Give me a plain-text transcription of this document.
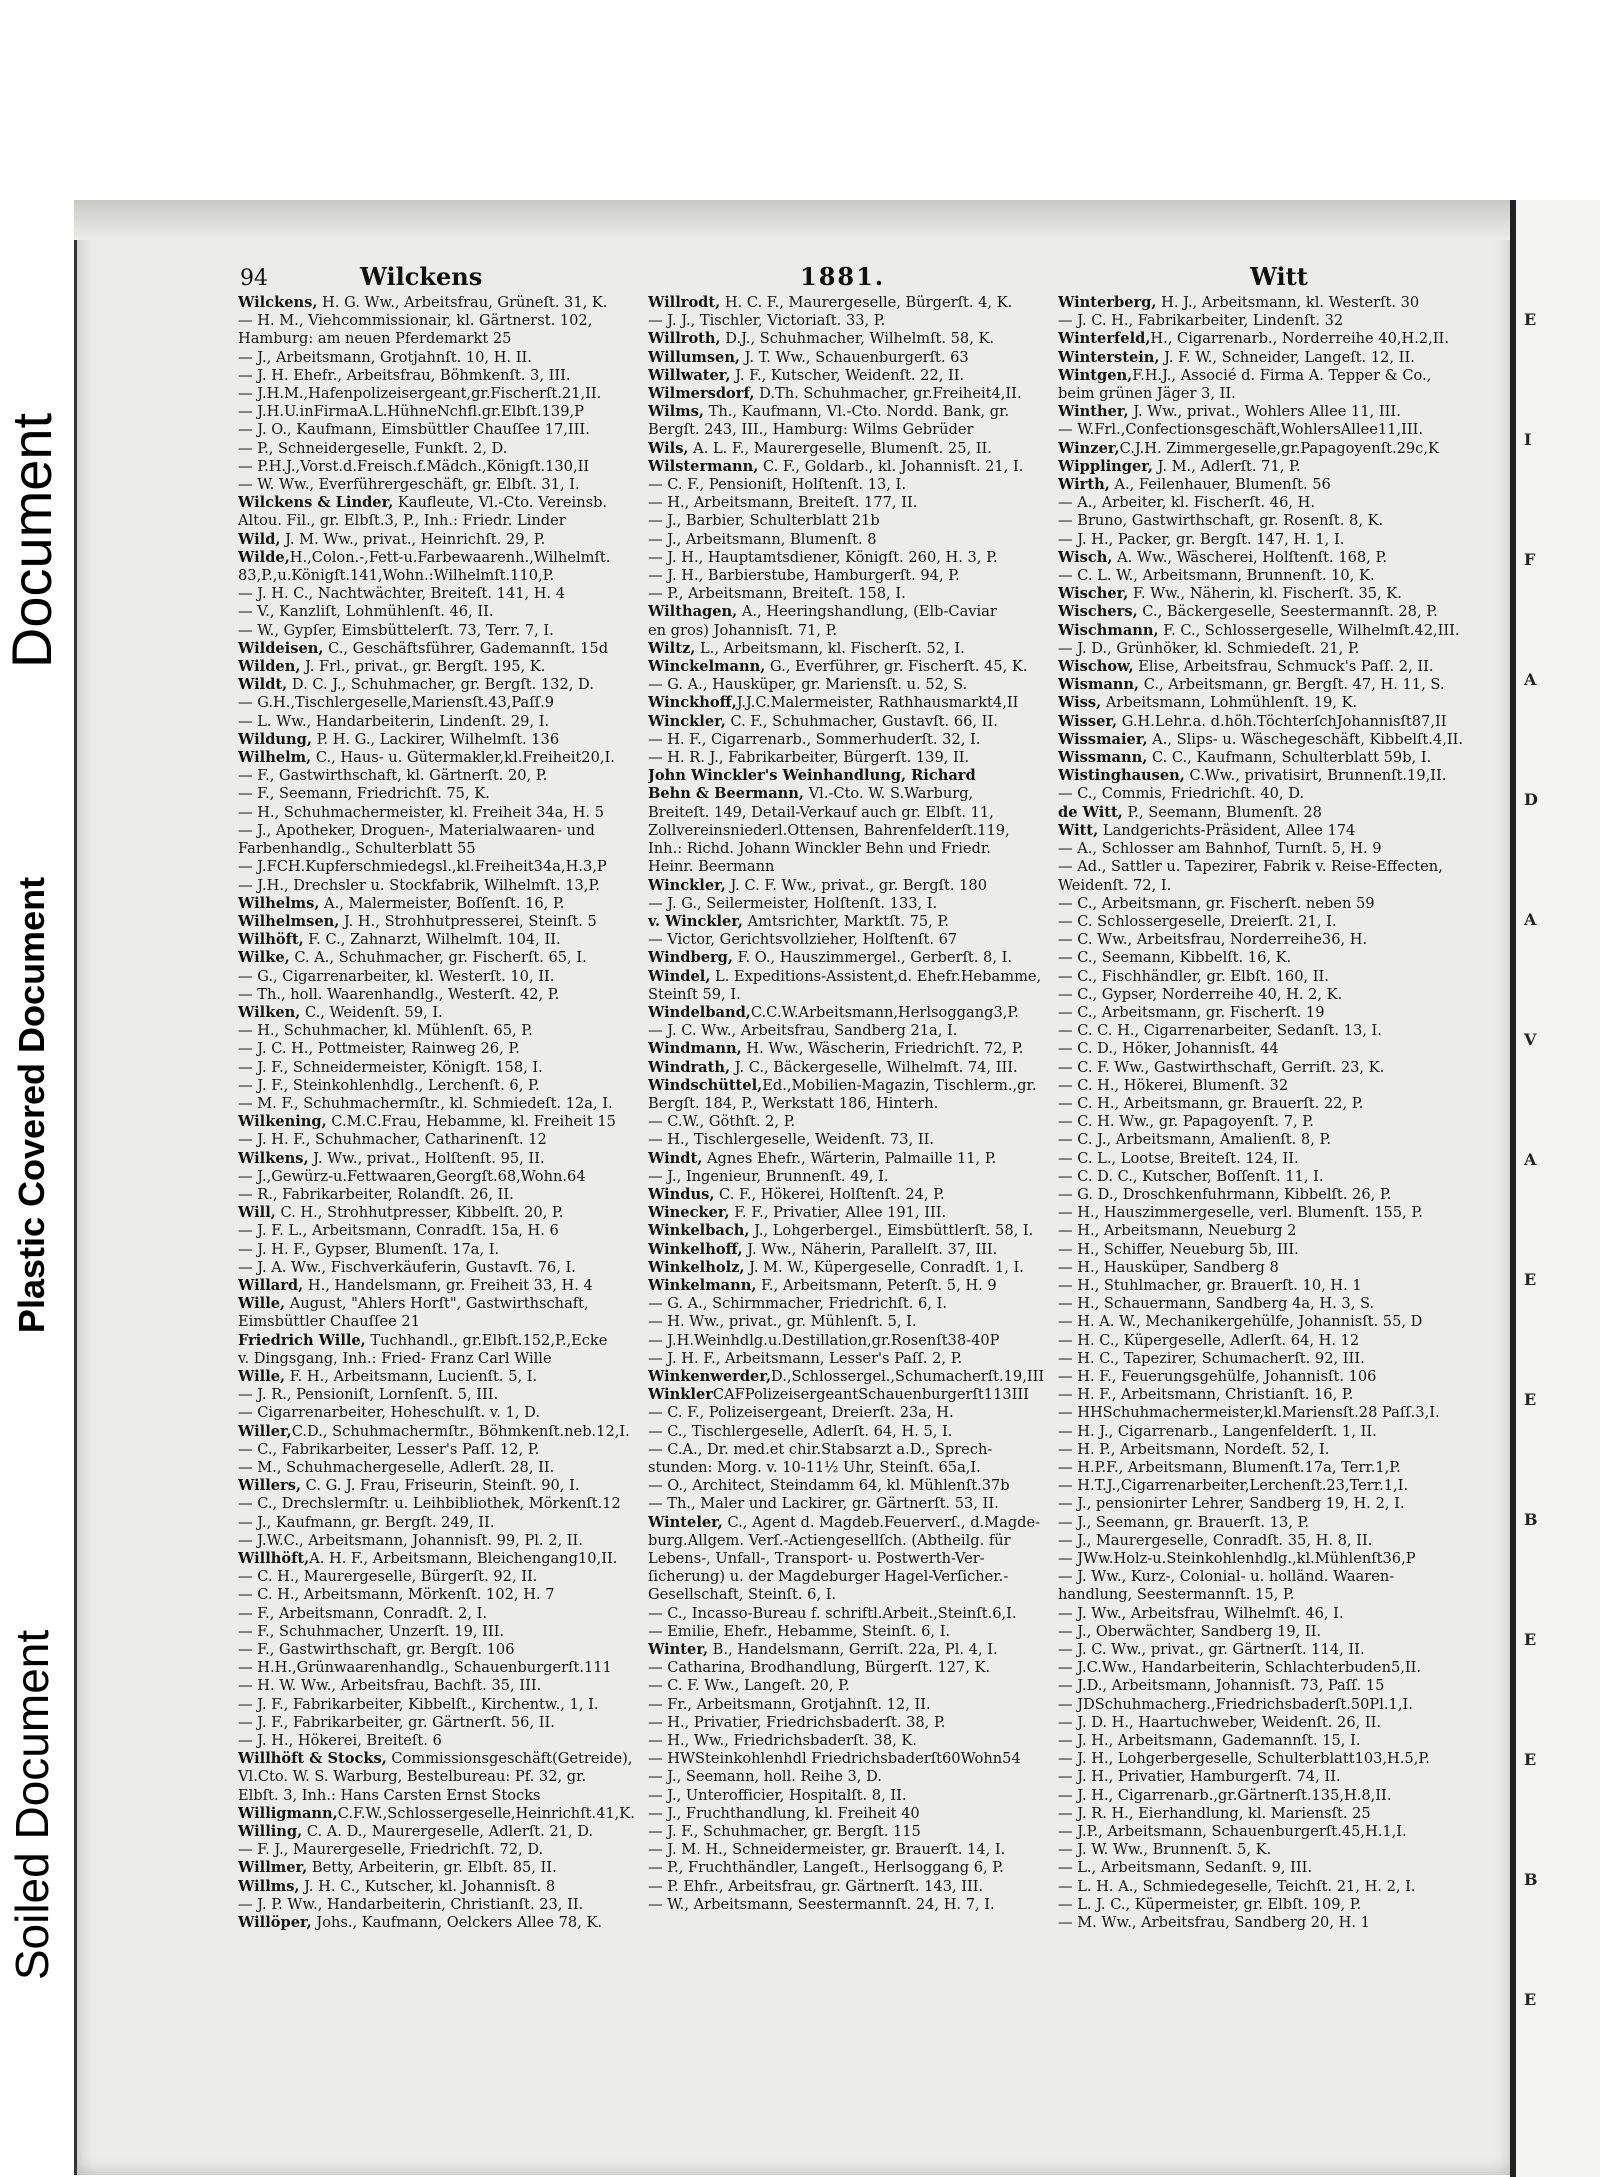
Document
Plastic Covered Document
Soiled Document
E
I
F
A
D
A
V
A
E
E
B
E
E
B
E
94	Wilckens	1881.	Witt
Wilckens, H. G. Ww., Arbeitsfrau, Grüneſt. 31, K.
— H. M., Viehcommissionair, kl. Gärtnerst. 102,
Hamburg: am neuen Pferdemarkt 25
— J., Arbeitsmann, Grotjahnſt. 10, H. II.
— J. H. Ehefr., Arbeitsfrau, Böhmkenſt. 3, III.
— J.H.M.,Hafenpolizeisergeant,gr.Fischerſt.21,II.
— J.H.U.inFirmaA.L.HühneNchfl.gr.Elbſt.139,P
— J. O., Kaufmann, Eimsbüttler Chauſſee 17,III.
— P., Schneidergeselle, Funkſt. 2, D.
— P.H.J.,Vorst.d.Freisch.f.Mädch.,Königſt.130,II
— W. Ww., Everführergeschäft, gr. Elbſt. 31, I.
Wilckens & Linder, Kaufleute, Vl.-Cto. Vereinsb.
Altou. Fil., gr. Elbſt.3, P., Inh.: Friedr. Linder
Wild, J. M. Ww., privat., Heinrichſt. 29, P.
Wilde,H.,Colon.-,Fett-u.Farbewaarenh.,Wilhelmſt.
83,P.,u.Königſt.141,Wohn.:Wilhelmſt.110,P.
— J. H. C., Nachtwächter, Breiteſt. 141, H. 4
— V., Kanzliſt, Lohmühlenſt. 46, II.
— W., Gypſer, Eimsbüttelerſt. 73, Terr. 7, I.
Wildeisen, C., Geschäftsführer, Gademannſt. 15d
Wilden, J. Frl., privat., gr. Bergſt. 195, K.
Wildt, D. C. J., Schuhmacher, gr. Bergſt. 132, D.
— G.H.,Tischlergeselle,Mariensſt.43,Paſſ.9
— L. Ww., Handarbeiterin, Lindenſt. 29, I.
Wildung, P. H. G., Lackirer, Wilhelmſt. 136
Wilhelm, C., Haus- u. Gütermakler,kl.Freiheit20,I.
— F., Gastwirthschaft, kl. Gärtnerſt. 20, P.
— F., Seemann, Friedrichſt. 75, K.
— H., Schuhmachermeister, kl. Freiheit 34a, H. 5
— J., Apotheker, Droguen-, Materialwaaren- und
Farbenhandlg., Schulterblatt 55
— J.FCH.Kupferschmiedegsl.,kl.Freiheit34a,H.3,P
— J.H., Drechsler u. Stockfabrik, Wilhelmſt. 13,P.
Wilhelms, A., Malermeister, Boſſenſt. 16, P.
Wilhelmsen, J. H., Strohhutpresserei, Steinſt. 5
Wilhöft, F. C., Zahnarzt, Wilhelmſt. 104, II.
Wilke, C. A., Schuhmacher, gr. Fischerſt. 65, I.
— G., Cigarrenarbeiter, kl. Westerſt. 10, II.
— Th., holl. Waarenhandlg., Westerſt. 42, P.
Wilken, C., Weidenſt. 59, I.
— H., Schuhmacher, kl. Mühlenſt. 65, P.
— J. C. H., Pottmeister, Rainweg 26, P.
— J. F., Schneidermeister, Königſt. 158, I.
— J. F., Steinkohlenhdlg., Lerchenſt. 6, P.
— M. F., Schuhmachermſtr., kl. Schmiedeſt. 12a, I.
Wilkening, C.M.C.Frau, Hebamme, kl. Freiheit 15
— J. H. F., Schuhmacher, Catharinenſt. 12
Wilkens, J. Ww., privat., Holſtenſt. 95, II.
— J.,Gewürz-u.Fettwaaren,Georgſt.68,Wohn.64
— R., Fabrikarbeiter, Rolandſt. 26, II.
Will, C. H., Strohhutpresser, Kibbelſt. 20, P.
— J. F. L., Arbeitsmann, Conradſt. 15a, H. 6
— J. H. F., Gypser, Blumenſt. 17a, I.
— J. A. Ww., Fischverkäuferin, Gustavſt. 76, I.
Willard, H., Handelsmann, gr. Freiheit 33, H. 4
Wille, August, "Ahlers Horſt", Gastwirthschaft,
Eimsbüttler Chauſſee 21
Friedrich Wille, Tuchhandl., gr.Elbſt.152,P.,Ecke
v. Dingsgang, Inh.: Fried- Franz Carl Wille
Wille, F. H., Arbeitsmann, Lucienſt. 5, I.
— J. R., Pensioniſt, Lornſenſt. 5, III.
— Cigarrenarbeiter, Hoheschulſt. v. 1, D.
Willer,C.D., Schuhmachermſtr., Böhmkenſt.neb.12,I.
— C., Fabrikarbeiter, Lesser's Paſſ. 12, P.
— M., Schuhmachergeselle, Adlerſt. 28, II.
Willers, C. G. J. Frau, Friseurin, Steinſt. 90, I.
— C., Drechslermſtr. u. Leihbibliothek, Mörkenſt.12
— J., Kaufmann, gr. Bergſt. 249, II.
— J.W.C., Arbeitsmann, Johannisſt. 99, Pl. 2, II.
Willhöft,A. H. F., Arbeitsmann, Bleichengang10,II.
— C. H., Maurergeselle, Bürgerſt. 92, II.
— C. H., Arbeitsmann, Mörkenſt. 102, H. 7
— F., Arbeitsmann, Conradſt. 2, I.
— F., Schuhmacher, Unzerſt. 19, III.
— F., Gastwirthschaft, gr. Bergſt. 106
— H.H.,Grünwaarenhandlg., Schauenburgerſt.111
— H. W. Ww., Arbeitsfrau, Bachſt. 35, III.
— J. F., Fabrikarbeiter, Kibbelſt., Kirchentw., 1, I.
— J. F., Fabrikarbeiter, gr. Gärtnerſt. 56, II.
— J. H., Hökerei, Breiteſt. 6
Willhöft & Stocks, Commissionsgeschäft(Getreide),
Vl.Cto. W. S. Warburg, Bestelbureau: Pf. 32, gr.
Elbſt. 3, Inh.: Hans Carsten Ernst Stocks
Willigmann,C.F.W.,Schlossergeselle,Heinrichſt.41,K.
Willing, C. A. D., Maurergeselle, Adlerſt. 21, D.
— F. J., Maurergeselle, Friedrichſt. 72, D.
Willmer, Betty, Arbeiterin, gr. Elbſt. 85, II.
Willms, J. H. C., Kutscher, kl. Johannisſt. 8
— J. P. Ww., Handarbeiterin, Christianſt. 23, II.
Willöper, Johs., Kaufmann, Oelckers Allee 78, K.
Willrodt, H. C. F., Maurergeselle, Bürgerſt. 4, K.
— J. J., Tischler, Victoriaſt. 33, P.
Willroth, D.J., Schuhmacher, Wilhelmſt. 58, K.
Willumsen, J. T. Ww., Schauenburgerſt. 63
Willwater, J. F., Kutscher, Weidenſt. 22, II.
Wilmersdorf, D.Th. Schuhmacher, gr.Freiheit4,II.
Wilms, Th., Kaufmann, Vl.-Cto. Nordd. Bank, gr.
Bergſt. 243, III., Hamburg: Wilms Gebrüder
Wils, A. L. F., Maurergeselle, Blumenſt. 25, II.
Wilstermann, C. F., Goldarb., kl. Johannisſt. 21, I.
— C. F., Pensioniſt, Holſtenſt. 13, I.
— H., Arbeitsmann, Breiteſt. 177, II.
— J., Barbier, Schulterblatt 21b
— J., Arbeitsmann, Blumenſt. 8
— J. H., Hauptamtsdiener, Königſt. 260, H. 3, P.
— J. H., Barbierstube, Hamburgerſt. 94, P.
— P., Arbeitsmann, Breiteſt. 158, I.
Wilthagen, A., Heeringshandlung, (Elb-Caviar
en gros) Johannisſt. 71, P.
Wiltz, L., Arbeitsmann, kl. Fischerſt. 52, I.
Winckelmann, G., Everführer, gr. Fischerſt. 45, K.
— G. A., Hausküper, gr. Mariensſt. u. 52, S.
Winckhoff,J.J.C.Malermeister, Rathhausmarkt4,II
Winckler, C. F., Schuhmacher, Gustavſt. 66, II.
— H. F., Cigarrenarb., Sommerhuderſt. 32, I.
— H. R. J., Fabrikarbeiter, Bürgerſt. 139, II.
John Winckler's Weinhandlung, Richard
Behn & Beermann, Vl.-Cto. W. S.Warburg,
Breiteſt. 149, Detail-Verkauf auch gr. Elbſt. 11,
Zollvereinsniederl.Ottensen, Bahrenfelderſt.119,
Inh.: Richd. Johann Winckler Behn und Friedr.
Heinr. Beermann
Winckler, J. C. F. Ww., privat., gr. Bergſt. 180
— J. G., Seilermeister, Holſtenſt. 133, I.
v. Winckler, Amtsrichter, Marktſt. 75, P.
— Victor, Gerichtsvollzieher, Holſtenſt. 67
Windberg, F. O., Hauszimmergel., Gerberſt. 8, I.
Windel, L. Expeditions-Assistent,d. Ehefr.Hebamme,
Steinſt 59, I.
Windelband,C.C.W.Arbeitsmann,Herlsoggang3,P.
— J. C. Ww., Arbeitsfrau, Sandberg 21a, I.
Windmann, H. Ww., Wäscherin, Friedrichſt. 72, P.
Windrath, J. C., Bäckergeselle, Wilhelmſt. 74, III.
Windschüttel,Ed.,Mobilien-Magazin, Tischlerm.,gr.
Bergſt. 184, P., Werkstatt 186, Hinterh.
— C.W., Göthſt. 2, P.
— H., Tischlergeselle, Weidenſt. 73, II.
Windt, Agnes Ehefr., Wärterin, Palmaille 11, P.
— J., Ingenieur, Brunnenſt. 49, I.
Windus, C. F., Hökerei, Holſtenſt. 24, P.
Winecker, F. F., Privatier, Allee 191, III.
Winkelbach, J., Lohgerbergel., Eimsbüttlerſt. 58, I.
Winkelhoff, J. Ww., Näherin, Parallelſt. 37, III.
Winkelholz, J. M. W., Küpergeselle, Conradſt. 1, I.
Winkelmann, F., Arbeitsmann, Peterſt. 5, H. 9
— G. A., Schirmmacher, Friedrichſt. 6, I.
— H. Ww., privat., gr. Mühlenſt. 5, I.
— J.H.Weinhdlg.u.Destillation,gr.Rosenſt38-40P
— J. H. F., Arbeitsmann, Lesser's Paſſ. 2, P.
Winkenwerder,D.,Schlossergel.,Schumacherſt.19,III
WinklerCAFPolizeisergeantSchauenburgerſt113III
— C. F., Polizeisergeant, Dreierſt. 23a, H.
— C., Tischlergeselle, Adlerſt. 64, H. 5, I.
— C.A., Dr. med.et chir.Stabsarzt a.D., Sprech-
stunden: Morg. v. 10-11½ Uhr, Steinſt. 65a,I.
— O., Architect, Steindamm 64, kl. Mühlenſt.37b
— Th., Maler und Lackirer, gr. Gärtnerſt. 53, II.
Winteler, C., Agent d. Magdeb.Feuerverſ., d.Magde-
burg.Allgem. Verſ.-Actiengesellſch. (Abtheilg. für
Lebens-, Unfall-, Transport- u. Postwerth-Ver-
ſicherung) u. der Magdeburger Hagel-Verſicher.-
Gesellschaft, Steinſt. 6, I.
— C., Incasso-Bureau f. schriftl.Arbeit.,Steinſt.6,I.
— Emilie, Ehefr., Hebamme, Steinſt. 6, I.
Winter, B., Handelsmann, Gerriſt. 22a, Pl. 4, I.
— Catharina, Brodhandlung, Bürgerſt. 127, K.
— C. F. Ww., Langeſt. 20, P.
— Fr., Arbeitsmann, Grotjahnſt. 12, II.
— H., Privatier, Friedrichsbaderſt. 38, P.
— H., Ww., Friedrichsbaderſt. 38, K.
— HWSteinkohlenhdl Friedrichsbaderſt60Wohn54
— J., Seemann, holl. Reihe 3, D.
— J., Unterofficier, Hospitalſt. 8, II.
— J., Fruchthandlung, kl. Freiheit 40
— J. F., Schuhmacher, gr. Bergſt. 115
— J. M. H., Schneidermeister, gr. Brauerſt. 14, I.
— P., Fruchthändler, Langeſt., Herlsoggang 6, P.
— P. Ehfr., Arbeitsfrau, gr. Gärtnerſt. 143, III.
— W., Arbeitsmann, Seestermannſt. 24, H. 7, I.
Winterberg, H. J., Arbeitsmann, kl. Westerſt. 30
— J. C. H., Fabrikarbeiter, Lindenſt. 32
Winterfeld,H., Cigarrenarb., Norderreihe 40,H.2,II.
Winterstein, J. F. W., Schneider, Langeſt. 12, II.
Wintgen,F.H.J., Associé d. Firma A. Tepper & Co.,
beim grünen Jäger 3, II.
Winther, J. Ww., privat., Wohlers Allee 11, III.
— W.Frl.,Confectionsgeschäft,WohlersAllee11,III.
Winzer,C.J.H. Zimmergeselle,gr.Papagoyenſt.29c,K
Wipplinger, J. M., Adlerſt. 71, P.
Wirth, A., Feilenhauer, Blumenſt. 56
— A., Arbeiter, kl. Fischerſt. 46, H.
— Bruno, Gastwirthschaft, gr. Rosenſt. 8, K.
— J. H., Packer, gr. Bergſt. 147, H. 1, I.
Wisch, A. Ww., Wäscherei, Holſtenſt. 168, P.
— C. L. W., Arbeitsmann, Brunnenſt. 10, K.
Wischer, F. Ww., Näherin, kl. Fischerſt. 35, K.
Wischers, C., Bäckergeselle, Seestermannſt. 28, P.
Wischmann, F. C., Schlossergeselle, Wilhelmſt.42,III.
— J. D., Grünhöker, kl. Schmiedeſt. 21, P.
Wischow, Elise, Arbeitsfrau, Schmuck's Paſſ. 2, II.
Wismann, C., Arbeitsmann, gr. Bergſt. 47, H. 11, S.
Wiss, Arbeitsmann, Lohmühlenſt. 19, K.
Wisser, G.H.Lehr.a. d.höh.TöchterſchJohannisſt87,II
Wissmaier, A., Slips- u. Wäschegeschäft, Kibbelſt.4,II.
Wissmann, C. C., Kaufmann, Schulterblatt 59b, I.
Wistinghausen, C.Ww., privatisirt, Brunnenſt.19,II.
— C., Commis, Friedrichſt. 40, D.
de Witt, P., Seemann, Blumenſt. 28
Witt, Landgerichts-Präsident, Allee 174
— A., Schlosser am Bahnhof, Turnſt. 5, H. 9
— Ad., Sattler u. Tapezirer, Fabrik v. Reise-Effecten,
Weidenſt. 72, I.
— C., Arbeitsmann, gr. Fischerſt. neben 59
— C. Schlossergeselle, Dreierſt. 21, I.
— C. Ww., Arbeitsfrau, Norderreihe36, H.
— C., Seemann, Kibbelſt. 16, K.
— C., Fischhändler, gr. Elbſt. 160, II.
— C., Gypser, Norderreihe 40, H. 2, K.
— C., Arbeitsmann, gr. Fischerſt. 19
— C. C. H., Cigarrenarbeiter, Sedanſt. 13, I.
— C. D., Höker, Johannisſt. 44
— C. F. Ww., Gastwirthschaft, Gerriſt. 23, K.
— C. H., Hökerei, Blumenſt. 32
— C. H., Arbeitsmann, gr. Brauerſt. 22, P.
— C. H. Ww., gr. Papagoyenſt. 7, P.
— C. J., Arbeitsmann, Amalienſt. 8, P.
— C. L., Lootse, Breiteſt. 124, II.
— C. D. C., Kutscher, Boſſenſt. 11, I.
— G. D., Droschkenfuhrmann, Kibbelſt. 26, P.
— H., Hauszimmergeselle, verl. Blumenſt. 155, P.
— H., Arbeitsmann, Neueburg 2
— H., Schiffer, Neueburg 5b, III.
— H., Hausküper, Sandberg 8
— H., Stuhlmacher, gr. Brauerſt. 10, H. 1
— H., Schauermann, Sandberg 4a, H. 3, S.
— H. A. W., Mechanikergehülfe, Johannisſt. 55, D
— H. C., Küpergeselle, Adlerſt. 64, H. 12
— H. C., Tapezirer, Schumacherſt. 92, III.
— H. F., Feuerungsgehülfe, Johannisſt. 106
— H. F., Arbeitsmann, Christianſt. 16, P.
— HHSchuhmachermeister,kl.Mariensſt.28 Paſſ.3,I.
— H. J., Cigarrenarb., Langenfelderſt. 1, II.
— H. P., Arbeitsmann, Nordeſt. 52, I.
— H.P.F., Arbeitsmann, Blumenſt.17a, Terr.1,P.
— H.T.J.,Cigarrenarbeiter,Lerchenſt.23,Terr.1,I.
— J., pensionirter Lehrer, Sandberg 19, H. 2, I.
— J., Seemann, gr. Brauerſt. 13, P.
— J., Maurergeselle, Conradſt. 35, H. 8, II.
— JWw.Holz-u.Steinkohlenhdlg.,kl.Mühlenſt36,P
— J. Ww., Kurz-, Colonial- u. holländ. Waaren-
handlung, Seestermannſt. 15, P.
— J. Ww., Arbeitsfrau, Wilhelmſt. 46, I.
— J., Oberwächter, Sandberg 19, II.
— J. C. Ww., privat., gr. Gärtnerſt. 114, II.
— J.C.Ww., Handarbeiterin, Schlachterbuden5,II.
— J.D., Arbeitsmann, Johannisſt. 73, Paſſ. 15
— JDSchuhmacherg.,Friedrichsbaderſt.50Pl.1,I.
— J. D. H., Haartuchweber, Weidenſt. 26, II.
— J. H., Arbeitsmann, Gademannſt. 15, I.
— J. H., Lohgerbergeselle, Schulterblatt103,H.5,P.
— J. H., Privatier, Hamburgerſt. 74, II.
— J. H., Cigarrenarb.,gr.Gärtnerſt.135,H.8,II.
— J. R. H., Eierhandlung, kl. Mariensſt. 25
— J.P., Arbeitsmann, Schauenburgerſt.45,H.1,I.
— J. W. Ww., Brunnenſt. 5, K.
— L., Arbeitsmann, Sedanſt. 9, III.
— L. H. A., Schmiedegeselle, Teichſt. 21, H. 2, I.
— L. J. C., Küpermeister, gr. Elbſt. 109, P.
— M. Ww., Arbeitsfrau, Sandberg 20, H. 1
